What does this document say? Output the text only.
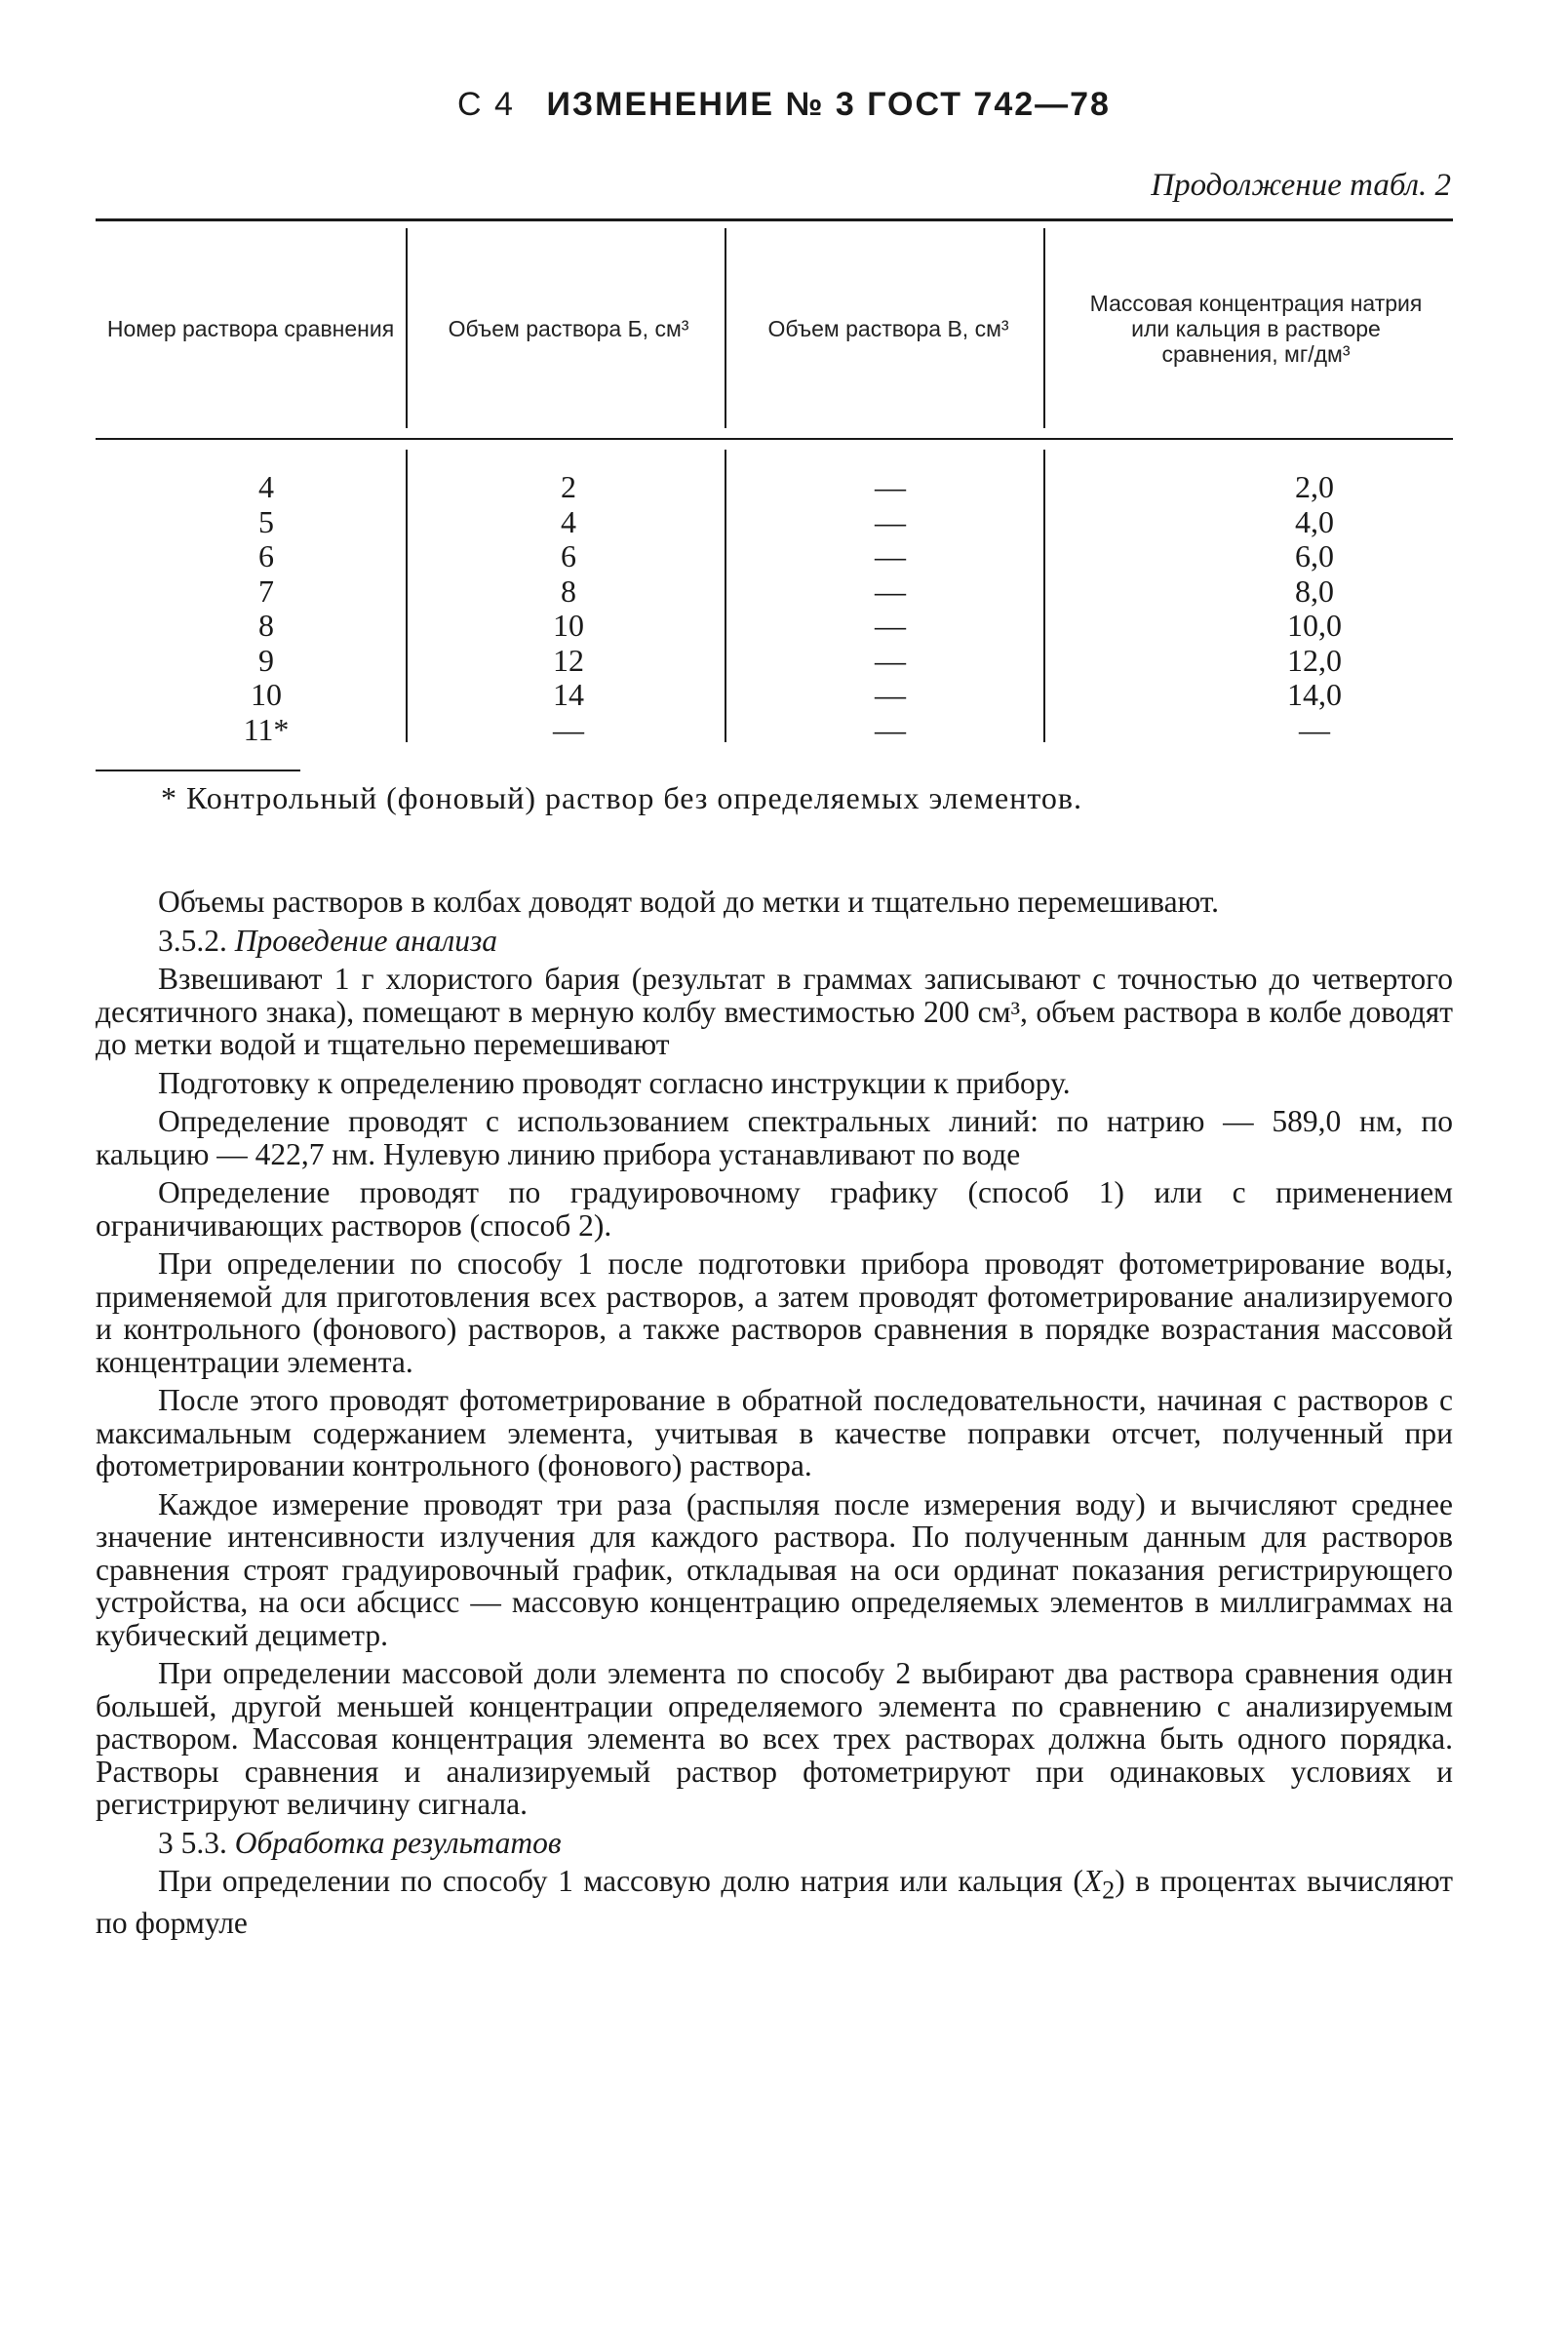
С 4 ИЗМЕНЕНИЕ № 3 ГОСТ 742—78
Продолжение табл. 2
Номер раствора сравнения	Объем раствора Б, см³	Объем раствора В, см³
Массовая концентрация натрия или кальция в растворе сравнения, мг/дм³
4
5
6
7
8
9
10
11*
2
4
6
8
10
12
14
—
—
—
—
—
—
—
—
—
2,0
4,0
6,0
8,0
10,0
12,0
14,0
—
* Контрольный (фоновый) раствор без определяемых элементов.

Объемы растворов в колбах доводят водой до метки и тщательно перемешивают.

3.5.2. Проведение анализа

Взвешивают 1 г хлористого бария (результат в граммах записывают с точностью до четвертого десятичного знака), помещают в мерную колбу вместимостью 200 см³, объем раствора в колбе доводят до метки водой и тщательно перемешивают

Подготовку к определению проводят согласно инструкции к прибору.

Определение проводят с использованием спектральных линий: по натрию — 589,0 нм, по кальцию — 422,7 нм. Нулевую линию прибора устанавливают по воде

Определение проводят по градуировочному графику (способ 1) или с применением ограничивающих растворов (способ 2).

При определении по способу 1 после подготовки прибора проводят фотометрирование воды, применяемой для приготовления всех растворов, а затем проводят фотометрирование анализируемого и контрольного (фонового) растворов, а также растворов сравнения в порядке возрастания массовой концентрации элемента.

После этого проводят фотометрирование в обратной последовательности, начиная с растворов с максимальным содержанием элемента, учитывая в качестве поправки отсчет, полученный при фотометрировании контрольного (фонового) раствора.

Каждое измерение проводят три раза (распыляя после измерения воду) и вычисляют среднее значение интенсивности излучения для каждого раствора. По полученным данным для растворов сравнения строят градуировочный график, откладывая на оси ординат показания регистрирующего устройства, на оси абсцисс — массовую концентрацию определяемых элементов в миллиграммах на кубический дециметр.

При определении массовой доли элемента по способу 2 выбирают два раствора сравнения один большей, другой меньшей концентрации определяемого элемента по сравнению с анализируемым раствором. Массовая концентрация элемента во всех трех растворах должна быть одного порядка. Растворы сравнения и анализируемый раствор фотометрируют при одинаковых условиях и регистрируют величину сигнала.

3 5.3. Обработка результатов

При определении по способу 1 массовую долю натрия или кальция $(X_2)$ в процентах вычисляют по формуле
